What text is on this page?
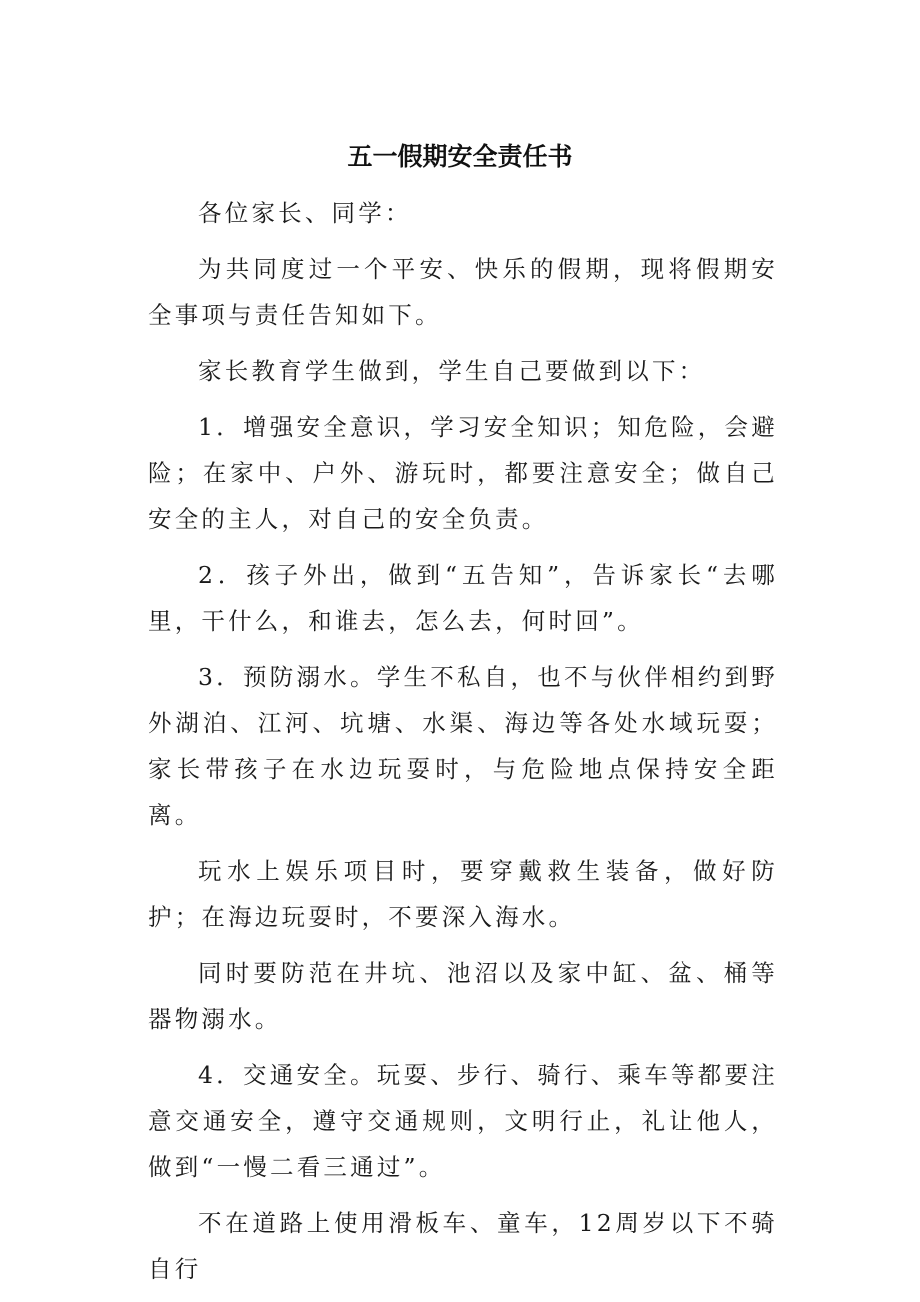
五一假期安全责任书

各位家长、同学：

为共同度过一个平安、快乐的假期，现将假期安全事项与责任告知如下。

家长教育学生做到，学生自己要做到以下：

1．增强安全意识，学习安全知识；知危险，会避险；在家中、户外、游玩时，都要注意安全；做自己安全的主人，对自己的安全负责。

2．孩子外出，做到“五告知”，告诉家长“去哪里，干什么，和谁去，怎么去，何时回”。

3．预防溺水。学生不私自，也不与伙伴相约到野外湖泊、江河、坑塘、水渠、海边等各处水域玩耍；家长带孩子在水边玩耍时，与危险地点保持安全距离。

玩水上娱乐项目时，要穿戴救生装备，做好防护；在海边玩耍时，不要深入海水。

同时要防范在井坑、池沼以及家中缸、盆、桶等器物溺水。

4．交通安全。玩耍、步行、骑行、乘车等都要注意交通安全，遵守交通规则，文明行止，礼让他人，做到“一慢二看三通过”。

不在道路上使用滑板车、童车，12周岁以下不骑自行
